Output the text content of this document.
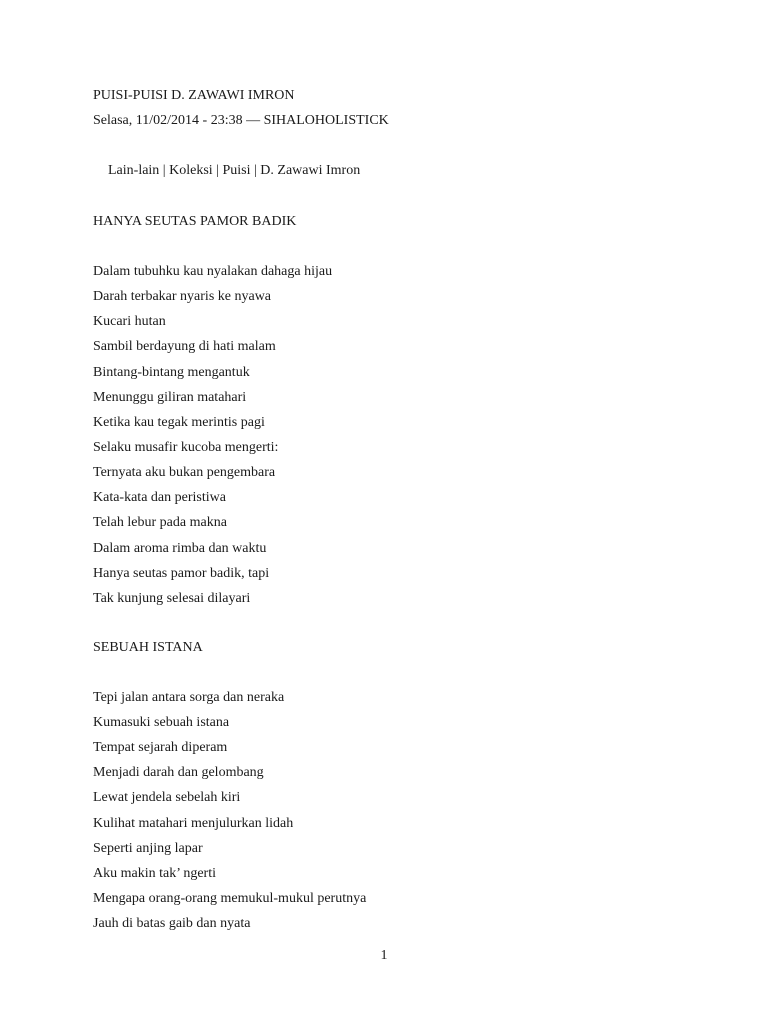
PUISI-PUISI D. ZAWAWI IMRON
Selasa, 11/02/2014 - 23:38 — SIHALOHOLISTICK
Lain-lain | Koleksi | Puisi | D. Zawawi Imron
HANYA SEUTAS PAMOR BADIK
Dalam tubuhku kau nyalakan dahaga hijau
Darah terbakar nyaris ke nyawa
Kucari hutan
Sambil berdayung di hati malam
Bintang-bintang mengantuk
Menunggu giliran matahari
Ketika kau tegak merintis pagi
Selaku musafir kucoba mengerti:
Ternyata aku bukan pengembara
Kata-kata dan peristiwa
Telah lebur pada makna
Dalam aroma rimba dan waktu
Hanya seutas pamor badik, tapi
Tak kunjung selesai dilayari
SEBUAH ISTANA
Tepi jalan antara sorga dan neraka
Kumasuki sebuah istana
Tempat sejarah diperam
Menjadi darah dan gelombang
Lewat jendela sebelah kiri
Kulihat matahari menjulurkan lidah
Seperti anjing lapar
Aku makin tak’ ngerti
Mengapa orang-orang memukul-mukul perutnya
Jauh di batas gaib dan nyata
1
